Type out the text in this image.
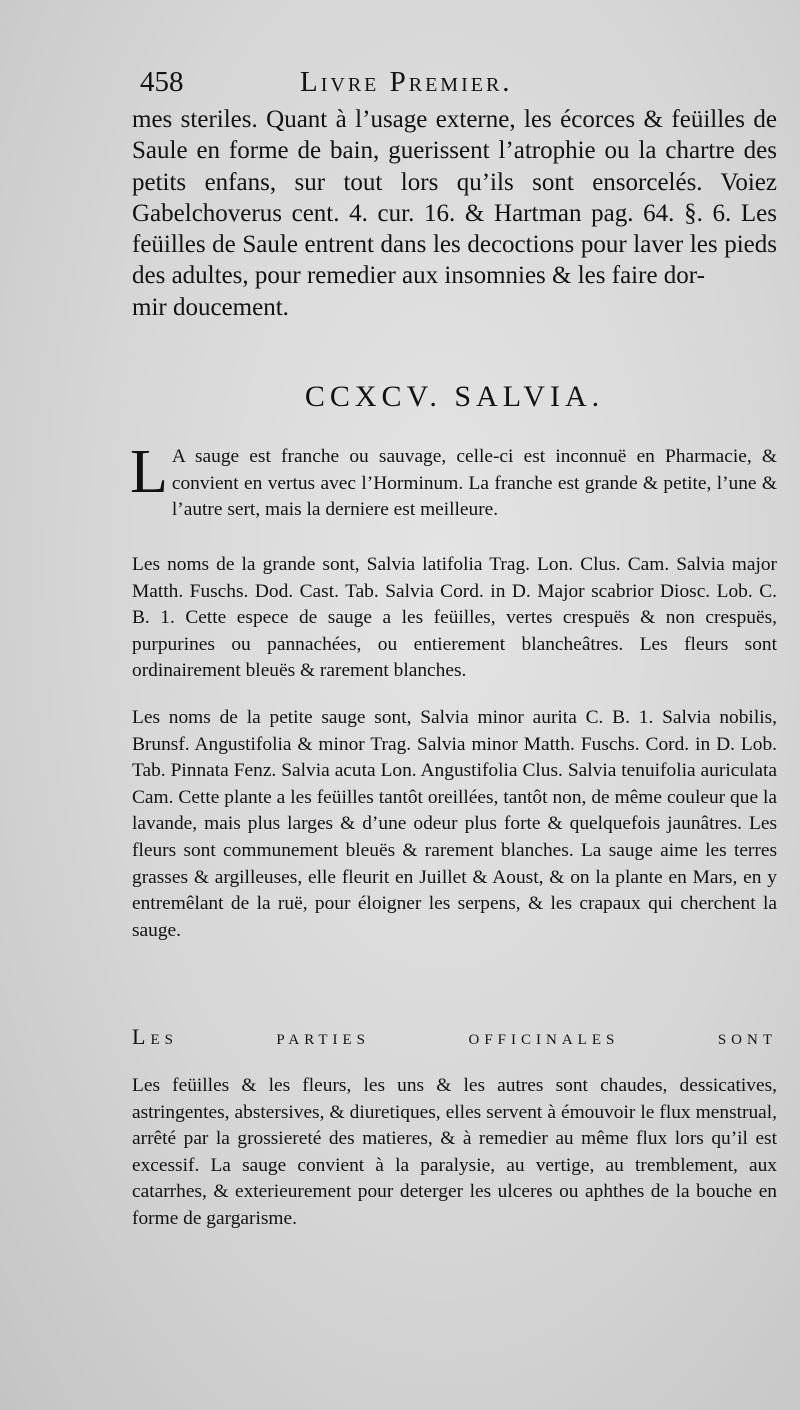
458	Livre Premier.
mes steriles. Quant à l’usage externe, les écorces & feüilles de Saule en forme de bain, guerissent l’atrophie ou la chartre des petits enfans, sur tout lors qu’ils sont ensorcelés. Voiez Gabelchoverus cent. 4. cur. 16. & Hartman pag. 64. §. 6. Les feüilles de Saule entrent dans les decoctions pour laver les pieds des adultes, pour remedier aux insomnies & les faire dor-
mir doucement.
CCXCV. SALVIA.
L A sauge est franche ou sauvage, celle-ci est inconnuë en Pharmacie, & convient en vertus avec l’Horminum. La franche est grande & petite, l’une & l’autre sert, mais la derniere est meilleure.
Les noms de la grande sont, Salvia latifolia Trag. Lon. Clus. Cam. Salvia major Matth. Fuschs. Dod. Cast. Tab. Salvia Cord. in D. Major scabrior Diosc. Lob. C. B. 1. Cette espece de sauge a les feüilles, vertes crespuës & non crespuës, purpurines ou pannachées, ou entierement blancheâtres. Les fleurs sont ordinairement bleuës & rarement blanches.
Les noms de la petite sauge sont, Salvia minor aurita C. B. 1. Salvia nobilis, Brunsf. Angustifolia & minor Trag. Salvia minor Matth. Fuschs. Cord. in D. Lob. Tab. Pinnata Fenz. Salvia acuta Lon. Angustifolia Clus. Salvia tenuifolia auriculata Cam. Cette plante a les feüilles tantôt oreillées, tantôt non, de même couleur que la lavande, mais plus larges & d’une odeur plus forte & quelquefois jaunâtres. Les fleurs sont communement bleuës & rarement blanches. La sauge aime les terres grasses & argilleuses, elle fleurit en Juillet & Aoust, & on la plante en Mars, en y entremêlant de la ruë, pour éloigner les serpens, & les crapaux qui cherchent la sauge.
Les parties officinales sont
Les feüilles & les fleurs, les uns & les autres sont chaudes, dessicatives, astringentes, abstersives, & diuretiques, elles servent à émouvoir le flux menstrual, arrêté par la grossiereté des matieres, & à remedier au même flux lors qu’il est excessif. La sauge convient à la paralysie, au vertige, au tremblement, aux catarrhes, & exterieurement pour deterger les ulceres ou aphthes de la bouche en forme de gargarisme.
